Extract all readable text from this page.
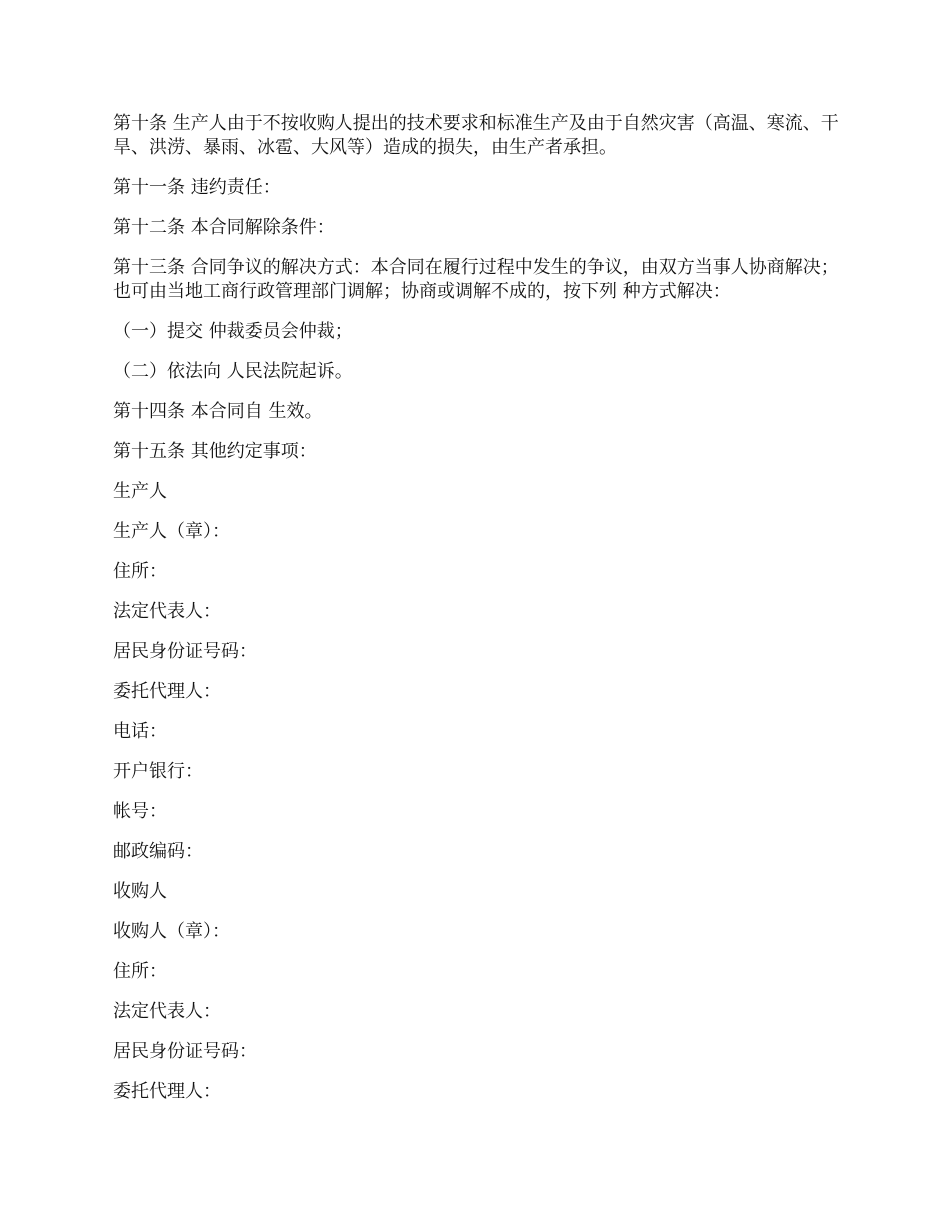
第十条 生产人由于不按收购人提出的技术要求和标准生产及由于自然灾害（高温、寒流、干旱、洪涝、暴雨、冰雹、大风等）造成的损失，由生产者承担。

第十一条 违约责任：

第十二条 本合同解除条件：

第十三条 合同争议的解决方式：本合同在履行过程中发生的争议，由双方当事人协商解决；也可由当地工商行政管理部门调解；协商或调解不成的，按下列 种方式解决：

（一）提交 仲裁委员会仲裁；

（二）依法向 人民法院起诉。

第十四条 本合同自 生效。

第十五条 其他约定事项：

生产人

生产人（章）：

住所：

法定代表人：

居民身份证号码：

委托代理人：

电话：

开户银行：

帐号：

邮政编码：

收购人

收购人（章）：

住所：

法定代表人：

居民身份证号码：

委托代理人：
